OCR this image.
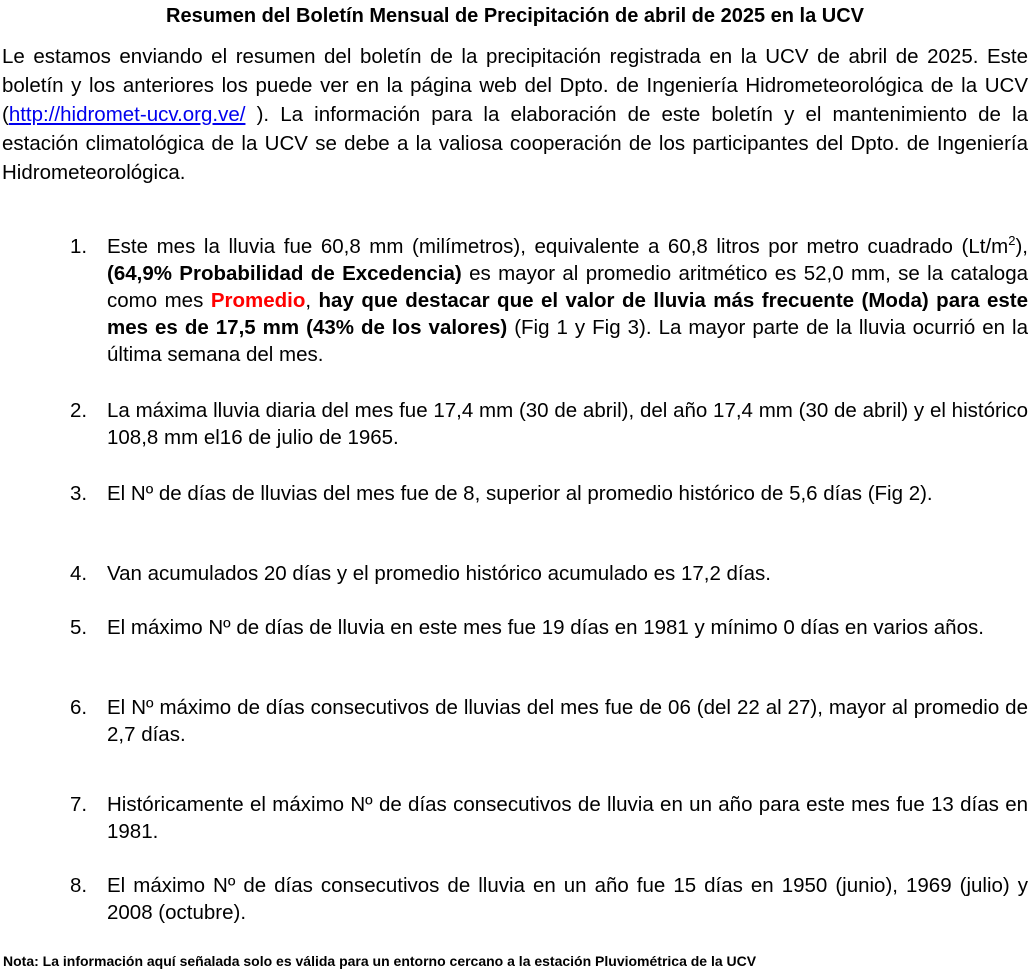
Resumen del Boletín Mensual de Precipitación de abril de 2025 en la UCV

Le estamos enviando el resumen del boletín de la precipitación registrada en la UCV de abril de 2025. Este boletín y los anteriores los puede ver en la página web del Dpto. de Ingeniería Hidrometeorológica de la UCV (http://hidromet-ucv.org.ve/ ). La información para la elaboración de este boletín y el mantenimiento de la estación climatológica de la UCV se debe a la valiosa cooperación de los participantes del Dpto. de Ingeniería Hidrometeorológica.

1. Este mes la lluvia fue 60,8 mm (milímetros), equivalente a 60,8 litros por metro cuadrado $(Lt/m^2)$, (64,9% Probabilidad de Excedencia) es mayor al promedio aritmético es 52,0 mm, se la cataloga como mes Promedio, hay que destacar que el valor de lluvia más frecuente (Moda) para este mes es de 17,5 mm (43% de los valores) (Fig 1 y Fig 3). La mayor parte de la lluvia ocurrió en la última semana del mes.
2. La máxima lluvia diaria del mes fue 17,4 mm (30 de abril), del año 17,4 mm (30 de abril) y el histórico 108,8 mm el16 de julio de 1965.
3. El Nº de días de lluvias del mes fue de 8, superior al promedio histórico de 5,6 días (Fig 2).
4. Van acumulados 20 días y el promedio histórico acumulado es 17,2 días.
5. El máximo Nº de días de lluvia en este mes fue 19 días en 1981 y mínimo 0 días en varios años.
6. El Nº máximo de días consecutivos de lluvias del mes fue de 06 (del 22 al 27), mayor al promedio de 2,7 días.
7. Históricamente el máximo Nº de días consecutivos de lluvia en un año para este mes fue 13 días en 1981.
8. El máximo Nº de días consecutivos de lluvia en un año fue 15 días en 1950 (junio), 1969 (julio) y 2008 (octubre).
Nota: La información aquí señalada solo es válida para un entorno cercano a la estación Pluviométrica de la UCV
